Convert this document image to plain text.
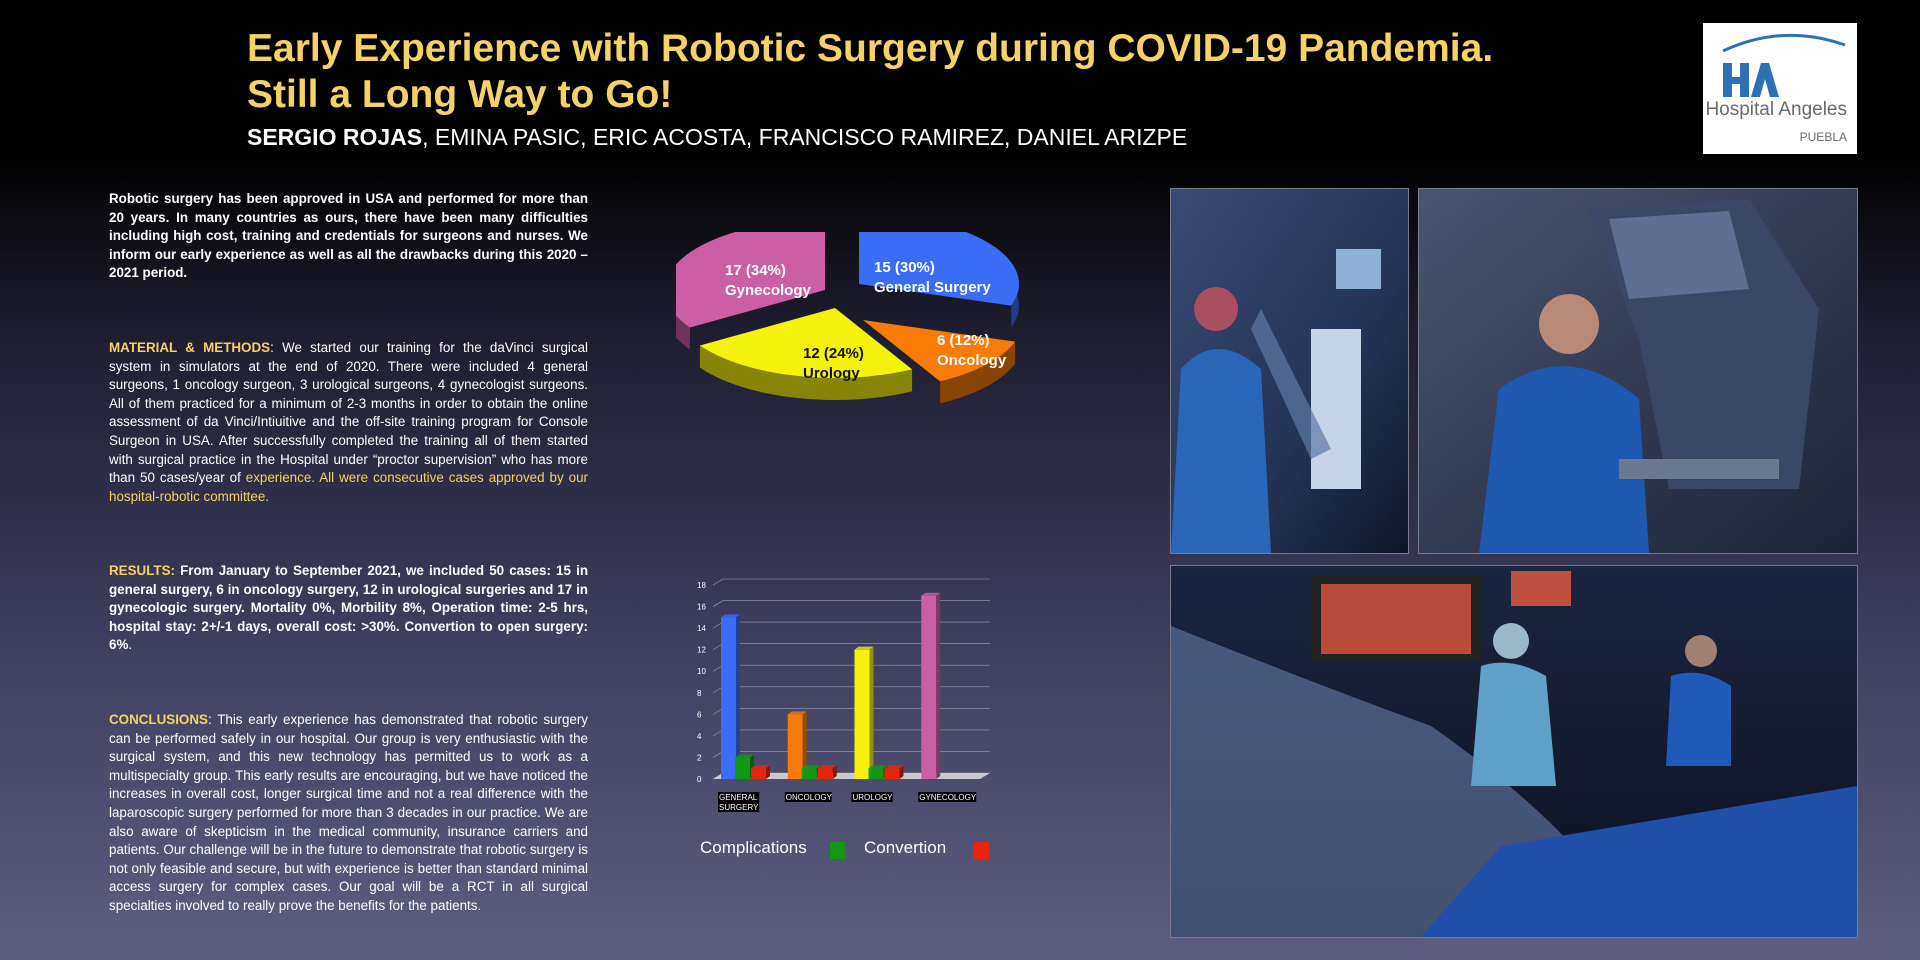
Early Experience with Robotic Surgery during COVID-19 Pandemia.
Still a Long Way to Go!
SERGIO ROJAS, EMINA PASIC, ERIC ACOSTA, FRANCISCO RAMIREZ, DANIEL ARIZPE
Hospital Angeles
PUEBLA
Robotic surgery has been approved in USA and performed for more than 20 years. In many countries as ours, there have been many difficulties including high cost, training and credentials for surgeons and nurses. We inform our early experience as well as all the drawbacks during this 2020 – 2021 period.
MATERIAL & METHODS: We started our training for the daVinci surgical system in simulators at the end of 2020. There were included 4 general surgeons, 1 oncology surgeon, 3 urological surgeons, 4 gynecologist surgeons. All of them practiced for a minimum of 2-3 months in order to obtain the online assessment of da Vinci/Intiuitive and the off-site training program for Console Surgeon in USA. After successfully completed the training all of them started with surgical practice in the Hospital under “proctor supervision” who has more than 50 cases/year of experience. All were consecutive cases approved by our hospital-robotic committee.
RESULTS: From January to September 2021, we included 50 cases: 15 in general surgery, 6 in oncology surgery, 12 in urological surgeries and 17 in gynecologic surgery. Mortality 0%, Morbility 8%, Operation time: 2-5 hrs, hospital stay: 2+/-1 days, overall cost: >30%. Convertion to open surgery: 6%.
CONCLUSIONS: This early experience has demonstrated that robotic surgery can be performed safely in our hospital. Our group is very enthusiastic with the surgical system, and this new technology has permitted us to work as a multispecialty group. This early results are encouraging, but we have noticed the increases in overall cost, longer surgical time and not a real difference with the laparoscopic surgery performed for more than 3 decades in our practice. We are also aware of skepticism in the medical community, insurance carriers and patients. Our challenge will be in the future to demonstrate that robotic surgery is not only feasible and secure, but with experience is better than standard minimal access surgery for complex cases. Our goal will be a RCT in all surgical specialties involved to really prove the benefits for the patients.
15 (30%)
General Surgery
6 (12%)
Oncology
12 (24%)
Urology
17 (34%)
Gynecology
0
2
4
6
8
10
12
14
16
18
GENERAL
SURGERY
ONCOLOGY	UROLOGY	GYNECOLOGY
Complications	Convertion
